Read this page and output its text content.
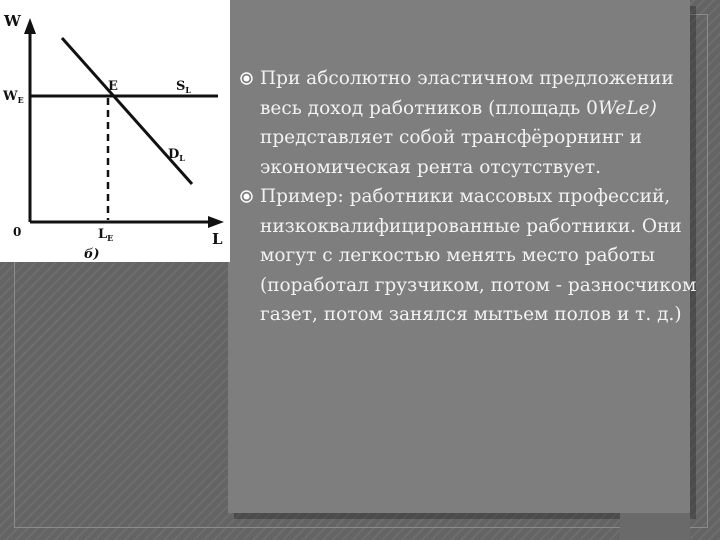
W
L
0
$W_E$
E	$S_L$
$D_L$
$L_E$
б)
При абсолютно эластичном предложении весь доход работников (площадь 0WeLe) представляет собой трансфёрорнинг и экономическая рента отсутствует.
Пример: работники массовых профессий, низкоквалифицированные работники. Они могут с легкостью менять место работы (поработал грузчиком, потом - разносчиком газет, потом занялся мытьем полов и т. д.)
